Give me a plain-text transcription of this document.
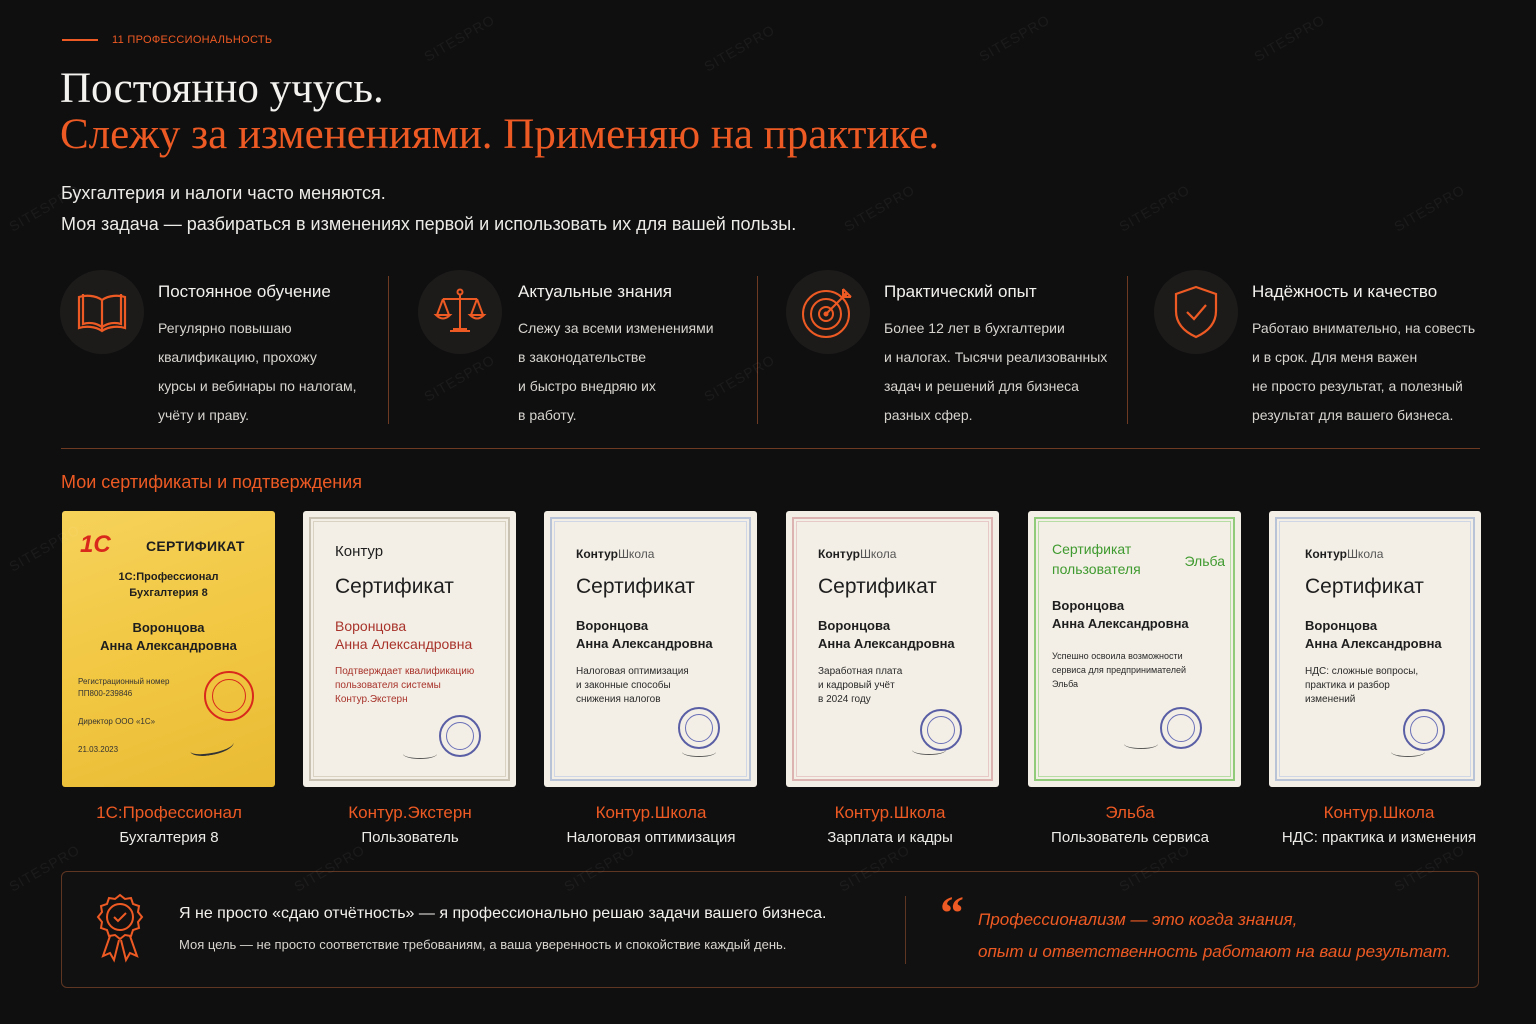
11 ПРОФЕССИОНАЛЬНОСТЬ
Постоянно учусь.
Слежу за изменениями. Применяю на практике.
Бухгалтерия и налоги часто меняются.
Моя задача — разбираться в изменениях первой и использовать их для вашей пользы.
Постоянное обучение
Регулярно повышаю
квалификацию, прохожу
курсы и вебинары по налогам,
учёту и праву.
Актуальные знания
Слежу за всеми изменениями
в законодательстве
и быстро внедряю их
в работу.
Практический опыт
Более 12 лет в бухгалтерии
и налогах. Тысячи реализованных
задач и решений для бизнеса
разных сфер.
Надёжность и качество
Работаю внимательно, на совесть
и в срок. Для меня важен
не просто результат, а полезный
результат для вашего бизнеса.
Мои сертификаты и подтверждения
1С	СЕРТИФИКАТ
1С:Профессионал
Бухгалтерия 8
Воронцова
Анна Александровна
Регистрационный номер
ПП800-239846
Директор ООО «1С»
21.03.2023
Контур
Сертификат
Воронцова
Анна Александровна
Подтверждает квалификацию
пользователя системы
Контур.Экстерн
КонтурШкола
Сертификат
Воронцова
Анна Александровна
Налоговая оптимизация
и законные способы
снижения налогов
КонтурШкола
Сертификат
Воронцова
Анна Александровна
Заработная плата
и кадровый учёт
в 2024 году
Сертификат
пользователя	Эльба
Воронцова
Анна Александровна
Успешно освоила возможности
сервиса для предпринимателей
Эльба
КонтурШкола
Сертификат
Воронцова
Анна Александровна
НДС: сложные вопросы,
практика и разбор
изменений
1С:Профессионал
Бухгалтерия 8
Контур.Экстерн
Пользователь
Контур.Школа
Налоговая оптимизация
Контур.Школа
Зарплата и кадры
Эльба
Пользователь сервиса
Контур.Школа
НДС: практика и изменения
Я не просто «сдаю отчётность» — я профессионально решаю задачи вашего бизнеса.
Моя цель — не просто соответствие требованиям, а ваша уверенность и спокойствие каждый день.
“ Профессионализм — это когда знания,
опыт и ответственность работают на ваш результат.
SITESPRO	SITESPRO	SITESPRO	SITESPRO
SITESPRO	SITESPRO	SITESPRO	SITESPRO
SITESPRO	SITESPRO
SITESPRO
SITESPRO	SITESPRO	SITESPRO	SITESPRO	SITESPRO	SITESPRO
